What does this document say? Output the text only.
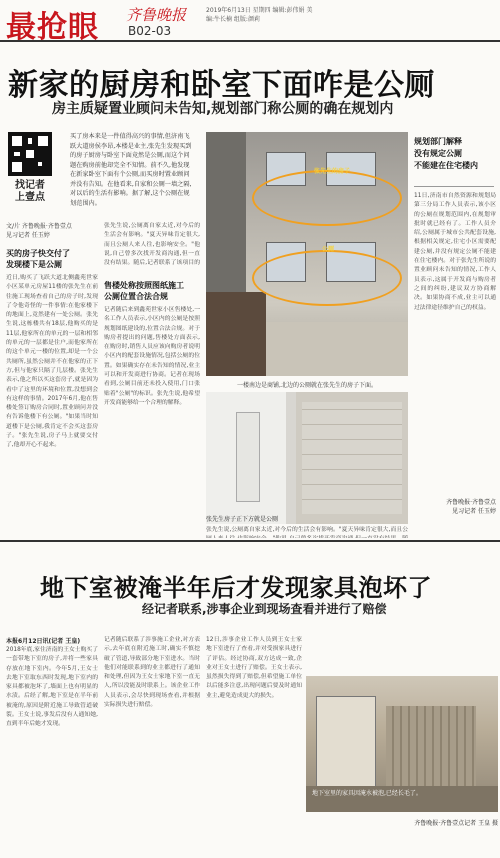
最抢眼 齐鲁晚报	2019年6月13日 星期四 编辑:彭伟娟 美编:牛长楠 组版:颜莉
B02-03
新家的厨房和卧室下面咋是公厕
房主质疑置业顾问未告知,规划部门称公厕的确在规划内
找记者
上壹点
买了房本来是一件值得高兴的事情,但济南飞跃大道房侯李昂,本楼是业主,张先生发现买到的房子厨房与卧室下面竟然是公厕,而这个问题在购房前他却完全不知情。前不久,他发现在新家卧室下面有个公厕,而买房时置业顾问并没有告知。在他看来,自家和公厕一墙之隔,对以后的生活有影响。据了解,这个公厕在规划范围内。
文/片 齐鲁晚报·齐鲁壹点
见习记者 任玉婷
买的房子快交付了
发现楼下是公厕
近日,购买了飞跃大道北侧鑫苑世家小区某单元房屋11楼的张先生在前往施工现场查看自己的房子时,发现了令他奇怪的一件事情:在他家楼下的地面上,竟然建有一处公厕。张先生说,这栋楼共有18层,他购买的是11层,他家所在的单元的一层和相邻的单元的一层都是住户,而他家所在的这个单元一楼的位置,却是一个公共厕所,虽然公厕并不在他家的正下方,但与他家只隔了几层楼。张先生表示,他之所以买这套房子,就是因为看中了这里的环境和位置,没想到会有这样的事情。2017年6月,他在售楼处签订购房合同时,置业顾问并没有告诉他楼下有公厕。"如果当时知道楼下是公厕,我肯定不会买这套房子。"张先生说,房子马上就要交付了,他却开心不起来。
张先生说,公厕离自家太近,对今后的生活会有影响。"夏天异味肯定很大,而且公厕人来人往,也影响安全。"他说,自己曾多次找开发商沟通,但一直没有结果。随后,记者联系了该项目的
售楼处称按照图纸施工
公厕位置合法合规
记者随后来到鑫苑世家小区售楼处,一名工作人员表示,小区内的公厕是按照规划图纸建设的,位置合法合规。对于购房者提出的问题,售楼处方面表示,在购房时,销售人员应该向购房者说明小区内的配套设施情况,包括公厕的位置。如果确实存在未告知的情况,业主可以和开发商进行协商。记者在现场看到,公厕目前还未投入使用,门口张贴着"公厕"的标识。张先生说,他希望开发商能够给一个合理的解释。
张先生的房子
公厕
一楼南边是商铺,北边的公厕就在张先生的房子下面。
张先生房子正下方就是公厕
张先生说,公厕离自家太近,对今后的生活会有影响。"夏天异味肯定很大,而且公
规划部门解释
没有规定公厕
不能建在住宅楼内
11日,济南市自然资源和规划局第三分局工作人员表示,该小区的公厕在规划范围内,在规划审批时就已经有了。工作人员介绍,公厕属于城市公共配套设施,根据相关规定,住宅小区需要配建公厕,并没有规定公厕不能建在住宅楼内。对于张先生所说的置业顾问未告知的情况,工作人员表示,这属于开发商与购房者之间的纠纷,建议双方协商解决。如果协商不成,业主可以通过法律途径维护自己的权益。
齐鲁晚报·齐鲁壹点
见习记者 任玉婷
地下室被淹半年后才发现家具泡坏了
经记者联系,涉事企业到现场查看并进行了赔偿
本报6月12日讯(记者 王皇)
2018年底,家住济南的王女士购买了一套带地下室的房子,并将一些家具存放在地下室内。今年5月,王女士去地下室取东西时发现,地下室内的家具都被泡坏了,墙面上也有明显的水渍。后经了解,地下室是在半年前被淹的,原因是附近施工导致管道破裂。王女士说,事发后没有人通知她,直到半年后她才发现。
记者随后联系了涉事施工企业,对方表示,去年底在附近施工时,确实不慎挖破了管道,导致部分地下室进水。当时他们对能联系到的业主都进行了通知和处理,但因为王女士家地下室一直无人,所以没能及时联系上。该企业工作人员表示,会尽快到现场查看,并根据实际损失进行赔偿。
12日,涉事企业工作人员到王女士家地下室进行了查看,并对受损家具进行了评估。经过协商,双方达成一致,企业对王女士进行了赔偿。王女士表示,虽然损失得到了赔偿,但希望施工单位以后能多注意,出现问题后要及时通知业主,避免造成更大的损失。
地下室里的家具因淹水被泡,已经长毛了。
齐鲁晚报·齐鲁壹点记者 王皇 摄
